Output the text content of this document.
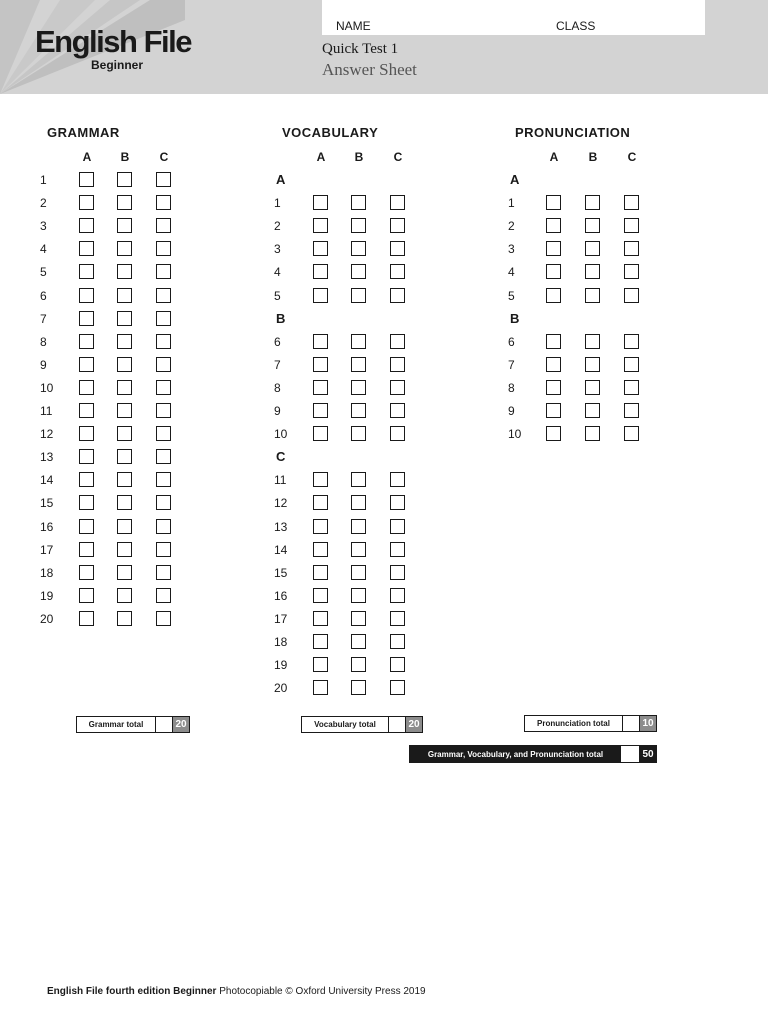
English File
Beginner
NAME	CLASS
Quick Test 1
Answer Sheet
GRAMMAR
A	B	C
1
2
3
4
5
6
7
8
9
10
11
12
13
14
15
16
17
18
19
20
VOCABULARY
A	B	C
A
1
2
3
4
5
B
6
7
8
9
10
C
11
12
13
14
15
16
17
18
19
20
PRONUNCIATION
A	B	C
A
1
2
3
4
5
B
6
7
8
9
10
Grammar total	20	Vocabulary total	20	Pronunciation total	10
Grammar, Vocabulary, and Pronunciation total	50
English File fourth edition Beginner Photocopiable © Oxford University Press 2019
